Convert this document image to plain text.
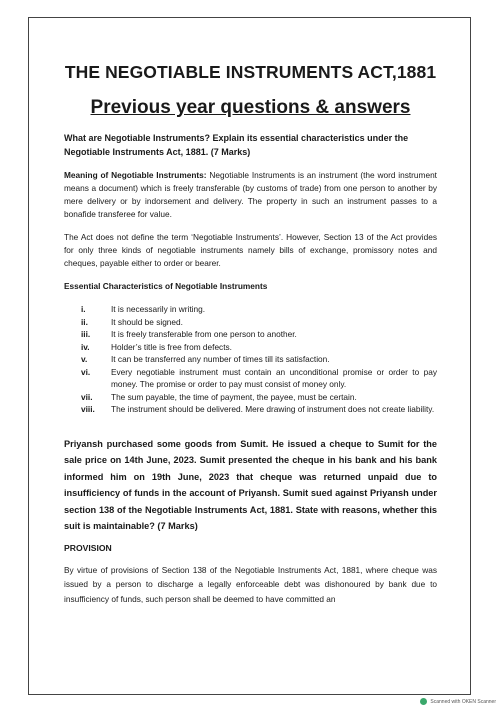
THE NEGOTIABLE INSTRUMENTS ACT,1881
Previous year questions & answers

What are Negotiable Instruments? Explain its essential characteristics under the Negotiable Instruments Act, 1881. (7 Marks)

Meaning of Negotiable Instruments: Negotiable Instruments is an instrument (the word instrument means a document) which is freely transferable (by customs of trade) from one person to another by mere delivery or by indorsement and delivery. The property in such an instrument passes to a bonafide transferee for value.

The Act does not define the term ‘Negotiable Instruments’. However, Section 13 of the Act provides for only three kinds of negotiable instruments namely bills of exchange, promissory notes and cheques, payable either to order or bearer.

Essential Characteristics of Negotiable Instruments

i.	It is necessarily in writing.
ii.	It should be signed.
iii.	It is freely transferable from one person to another.
iv.	Holder’s title is free from defects.
v.	It can be transferred any number of times till its satisfaction.
vi.	Every negotiable instrument must contain an unconditional promise or order to pay money. The promise or order to pay must consist of money only.
vii.	The sum payable, the time of payment, the payee, must be certain.
viii.	The instrument should be delivered. Mere drawing of instrument does not create liability.

Priyansh purchased some goods from Sumit. He issued a cheque to Sumit for the sale price on 14th June, 2023. Sumit presented the cheque in his bank and his bank informed him on 19th June, 2023 that cheque was returned unpaid due to insufficiency of funds in the account of Priyansh. Sumit sued against Priyansh under section 138 of the Negotiable Instruments Act, 1881. State with reasons, whether this suit is maintainable? (7 Marks)

PROVISION

By virtue of provisions of Section 138 of the Negotiable Instruments Act, 1881, where cheque was issued by a person to discharge a legally enforceable debt was dishonoured by bank due to insufficiency of funds, such person shall be deemed to have committed an

Scanned with OKEN Scanner
